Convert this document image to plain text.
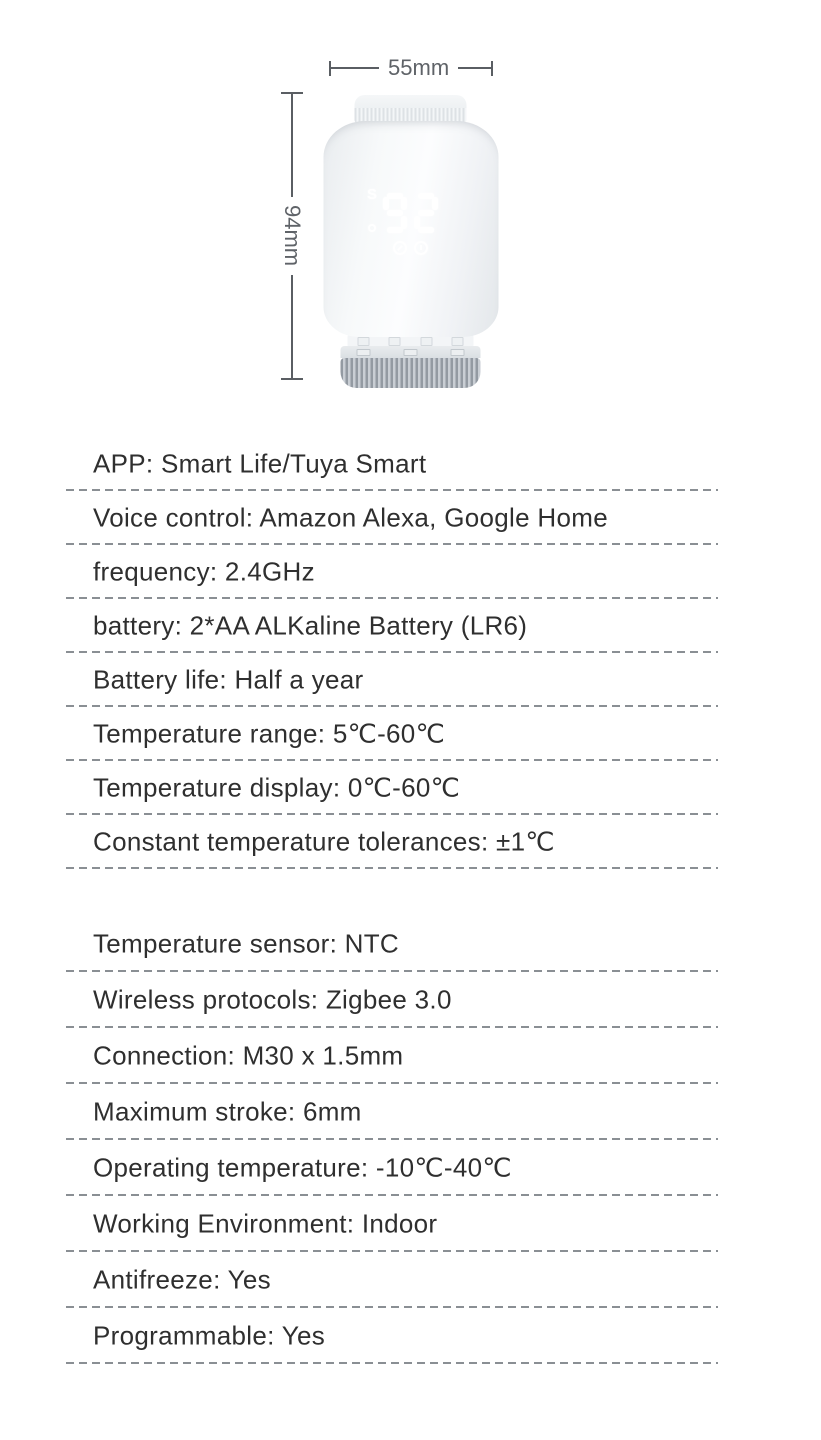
55mm
94mm
S
APP: Smart Life/Tuya Smart
Voice control: Amazon Alexa, Google Home
frequency: 2.4GHz
battery: 2*AA ALKaline Battery (LR6)
Battery life: Half a year
Temperature range: 5℃-60℃
Temperature display: 0℃-60℃
Constant temperature tolerances: ±1℃
Temperature sensor: NTC
Wireless protocols: Zigbee 3.0
Connection: M30 x 1.5mm
Maximum stroke: 6mm
Operating temperature: -10℃-40℃
Working Environment: Indoor
Antifreeze: Yes
Programmable: Yes
